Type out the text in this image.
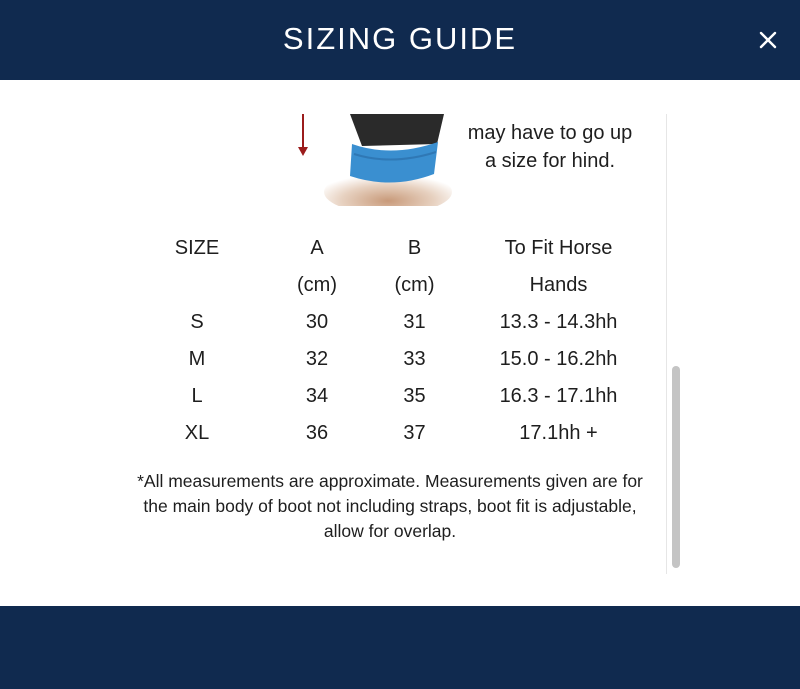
SIZING GUIDE
may have to go up
a size for hind.
SIZE	A	B	To Fit Horse
	(cm)	(cm)	Hands
S	30	31	13.3 - 14.3hh
M	32	33	15.0 - 16.2hh
L	34	35	16.3 - 17.1hh
XL	36	37	17.1hh +
*All measurements are approximate. Measurements given are for
the main body of boot not including straps, boot fit is adjustable,
allow for overlap.
